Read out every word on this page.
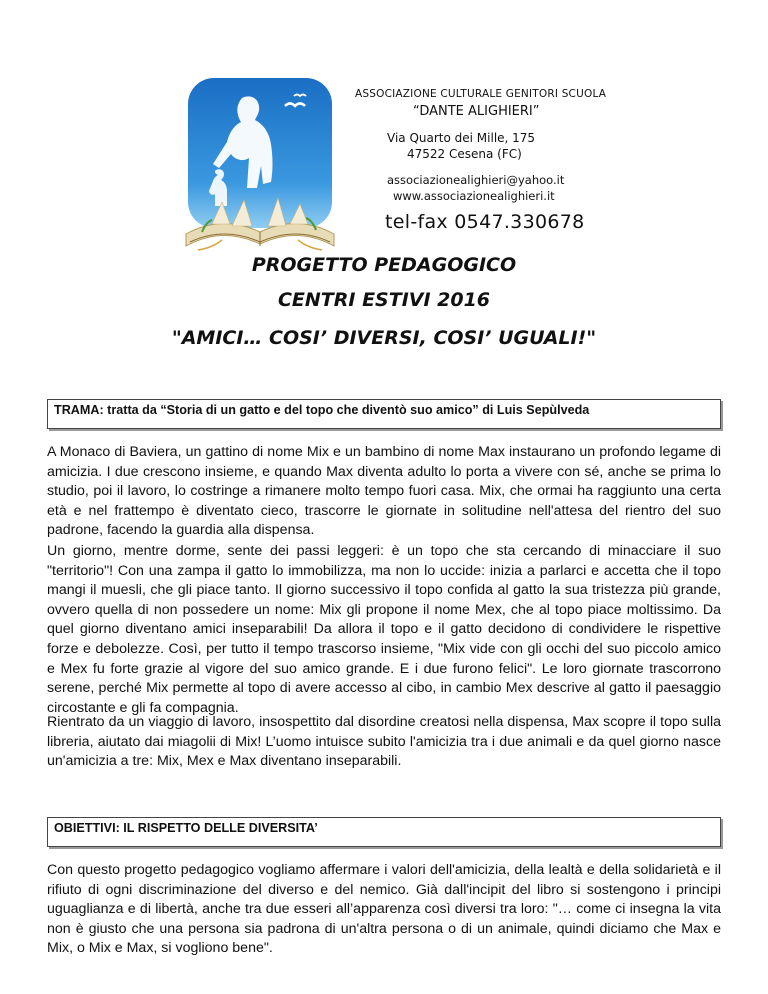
ASSOCIAZIONE CULTURALE GENITORI SCUOLA
“DANTE ALIGHIERI”
Via Quarto dei Mille, 175
47522 Cesena (FC)
associazionealighieri@yahoo.it
www.associazionealighieri.it
tel-fax 0547.330678
PROGETTO PEDAGOGICO
CENTRI ESTIVI 2016
"AMICI… COSI’ DIVERSI, COSI’ UGUALI!"
TRAMA: tratta da “Storia di un gatto e del topo che diventò suo amico” di Luis Sepùlveda
A Monaco di Baviera, un gattino di nome Mix e un bambino di nome Max instaurano un profondo legame di amicizia. I due crescono insieme, e quando Max diventa adulto lo porta a vivere con sé, anche se prima lo studio, poi il lavoro, lo costringe a rimanere molto tempo fuori casa. Mix, che ormai ha raggiunto una certa età e nel frattempo è diventato cieco, trascorre le giornate in solitudine nell'attesa del rientro del suo padrone, facendo la guardia alla dispensa.
Un giorno, mentre dorme, sente dei passi leggeri: è un topo che sta cercando di minacciare il suo "territorio"! Con una zampa il gatto lo immobilizza, ma non lo uccide: inizia a parlarci e accetta che il topo mangi il muesli, che gli piace tanto. Il giorno successivo il topo confida al gatto la sua tristezza più grande, ovvero quella di non possedere un nome: Mix gli propone il nome Mex, che al topo piace moltissimo. Da quel giorno diventano amici inseparabili! Da allora il topo e il gatto decidono di condividere le rispettive forze e debolezze. Così, per tutto il tempo trascorso insieme, "Mix vide con gli occhi del suo piccolo amico e Mex fu forte grazie al vigore del suo amico grande. E i due furono felici". Le loro giornate trascorrono serene, perché Mix permette al topo di avere accesso al cibo, in cambio Mex descrive al gatto il paesaggio circostante e gli fa compagnia.
Rientrato da un viaggio di lavoro, insospettito dal disordine creatosi nella dispensa, Max scopre il topo sulla libreria, aiutato dai miagolii di Mix! L’uomo intuisce subito l'amicizia tra i due animali e da quel giorno nasce un'amicizia a tre: Mix, Mex e Max diventano inseparabili.
OBIETTIVI: IL RISPETTO DELLE DIVERSITA’
Con questo progetto pedagogico vogliamo affermare i valori dell'amicizia, della lealtà e della solidarietà e il rifiuto di ogni discriminazione del diverso e del nemico. Già dall'incipit del libro si sostengono i principi uguaglianza e di libertà, anche tra due esseri all’apparenza così diversi tra loro: "… come ci insegna la vita non è giusto che una persona sia padrona di un'altra persona o di un animale, quindi diciamo che Max e Mix, o Mix e Max, si vogliono bene".
